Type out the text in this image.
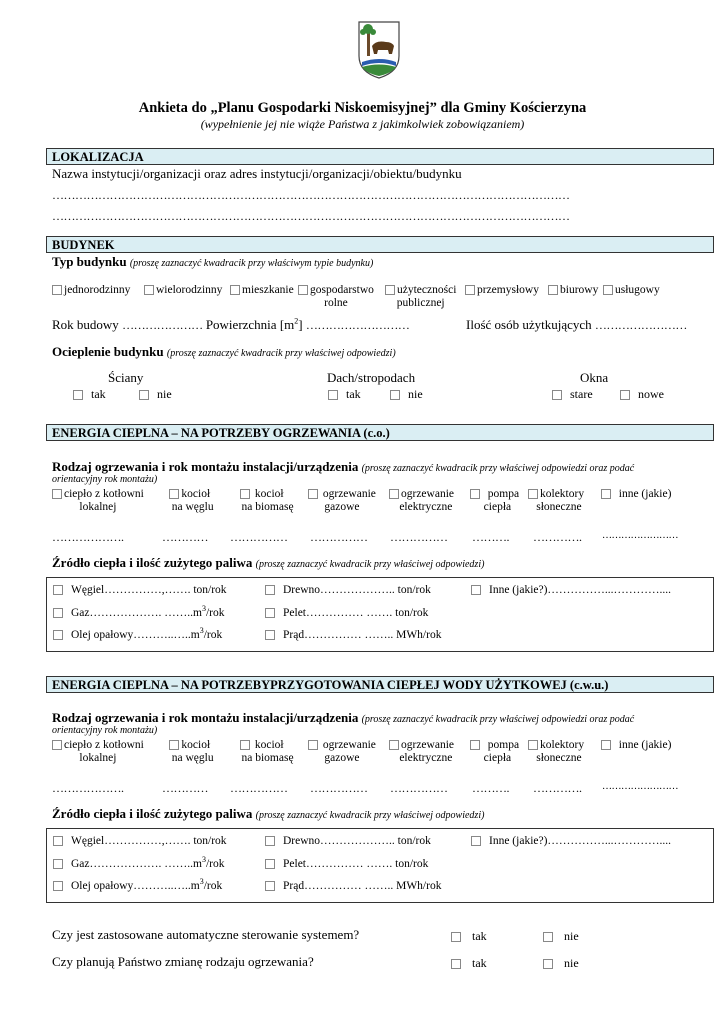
Ankieta do „Planu Gospodarki Niskoemisyjnej” dla Gminy Kościerzyna
(wypełnienie jej nie wiąże Państwa z jakimkolwiek zobowiązaniem)
LOKALIZACJA
Nazwa instytucji/organizacji oraz adres instytucji/organizacji/obiektu/budynku
………………………………………………………………………………………………………………………
………………………………………………………………………………………………………………………
BUDYNEK
Typ budynku (proszę zaznaczyć kwadracik przy właściwym typie budynku)
jednorodzinny	wielorodzinny	mieszkanie	gospodarstwo
rolne
użyteczności
publicznej
przemysłowy	biurowy	usługowy
Rok budowy ………………… Powierzchnia $[m^2]$ ………………………	Ilość osób użytkujących ……………………
Ocieplenie budynku (proszę zaznaczyć kwadracik przy właściwej odpowiedzi)
Ściany	Dach/stropodach	Okna
tak	nie	tak	nie	stare	nowe
ENERGIA CIEPLNA – NA POTRZEBY OGRZEWANIA (c.o.)
Rodzaj ogrzewania i rok montażu instalacji/urządzenia (proszę zaznaczyć kwadracik przy właściwej odpowiedzi oraz podać
orientacyjny rok montażu)
ciepło z kotłowni
lokalnej
kocioł
na węglu
kocioł
na biomasę
ogrzewanie
gazowe
ogrzewanie
elektryczne
pompa
ciepła
kolektory
słoneczne
inne (jakie)
……………….	………… …………… …………… …………… ………. …………. ……………………
Źródło ciepła i ilość zużytego paliwa (proszę zaznaczyć kwadracik przy właściwej odpowiedzi)
Węgiel……………,……. ton/rok	Drewno……………….. ton/rok	Inne (jakie?)……………...…………....
Gaz………………. $\dots\dots..m^3$/rok	Pelet…………… ……. ton/rok
Olej $opałowy\dots\dots\dots..\dots..m^3$/rok	Prąd…………… …….. MWh/rok
ENERGIA CIEPLNA – NA POTRZEBYPRZYGOTOWANIA CIEPŁEJ WODY UŻYTKOWEJ (c.w.u.)
Rodzaj ogrzewania i rok montażu instalacji/urządzenia (proszę zaznaczyć kwadracik przy właściwej odpowiedzi oraz podać
orientacyjny rok montażu)
ciepło z kotłowni
lokalnej
kocioł
na węglu
kocioł
na biomasę
ogrzewanie
gazowe
ogrzewanie
elektryczne
pompa
ciepła
kolektory
słoneczne
inne (jakie)
……………….	………… …………… …………… …………… ………. …………. ……………………
Źródło ciepła i ilość zużytego paliwa (proszę zaznaczyć kwadracik przy właściwej odpowiedzi)
Węgiel……………,……. ton/rok	Drewno……………….. ton/rok	Inne (jakie?)……………...…………....
Gaz………………. $\dots\dots..m^3$/rok	Pelet…………… ……. ton/rok
Olej $opałowy\dots\dots\dots..\dots..m^3$/rok	Prąd…………… …….. MWh/rok
Czy jest zastosowane automatyczne sterowanie systemem?	tak	nie
Czy planują Państwo zmianę rodzaju ogrzewania?	tak	nie
